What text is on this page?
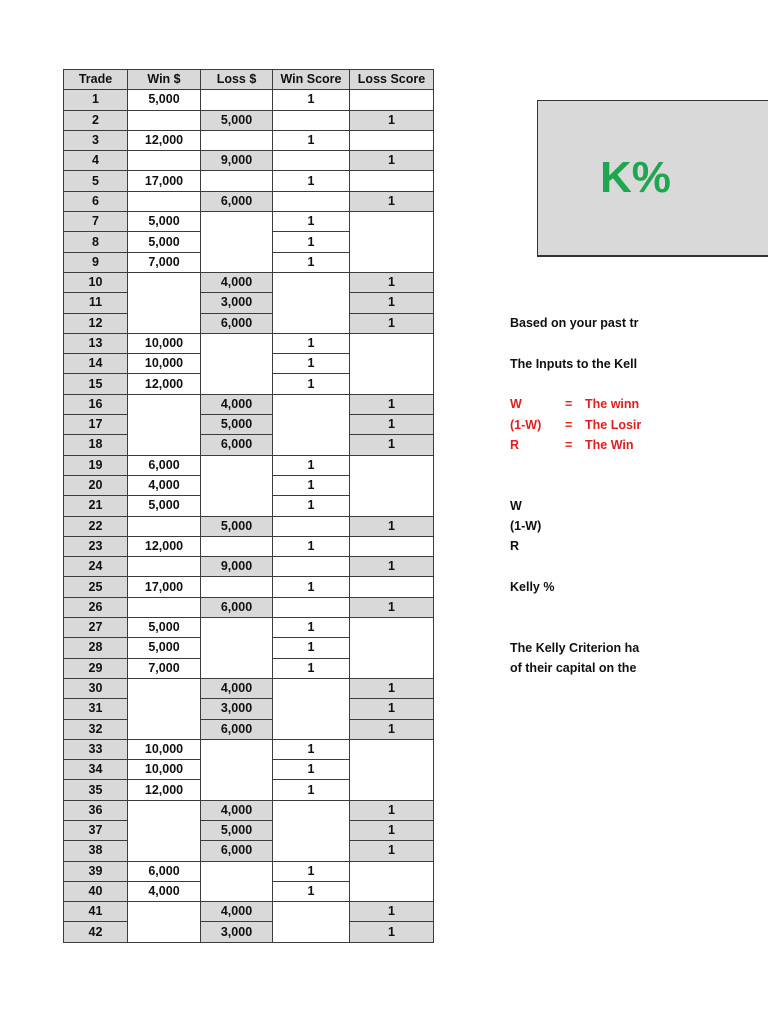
Trade	Win $	Loss $	Win Score	Loss Score
1	5,000		1	
2		5,000		1
3	12,000		1	
4		9,000		1
5	17,000		1	
6		6,000		1
7	5,000		1	
8	5,000		1	
9	7,000		1	
10		4,000		1
11		3,000		1
12		6,000		1
13	10,000		1	
14	10,000		1	
15	12,000		1	
16		4,000		1
17		5,000		1
18		6,000		1
19	6,000		1	
20	4,000		1	
21	5,000		1	
22		5,000		1
23	12,000		1	
24		9,000		1
25	17,000		1	
26		6,000		1
27	5,000		1	
28	5,000		1	
29	7,000		1	
30		4,000		1
31		3,000		1
32		6,000		1
33	10,000		1	
34	10,000		1	
35	12,000		1	
36		4,000		1
37		5,000		1
38		6,000		1
39	6,000		1	
40	4,000		1	
41		4,000		1
42		3,000		1
K%
Based on your past tr
The Inputs to the Kell
W	= The winn
(1-W) = The Losir
R	= The Win
W
(1-W)
R
Kelly %
The Kelly Criterion ha
of their capital on the
